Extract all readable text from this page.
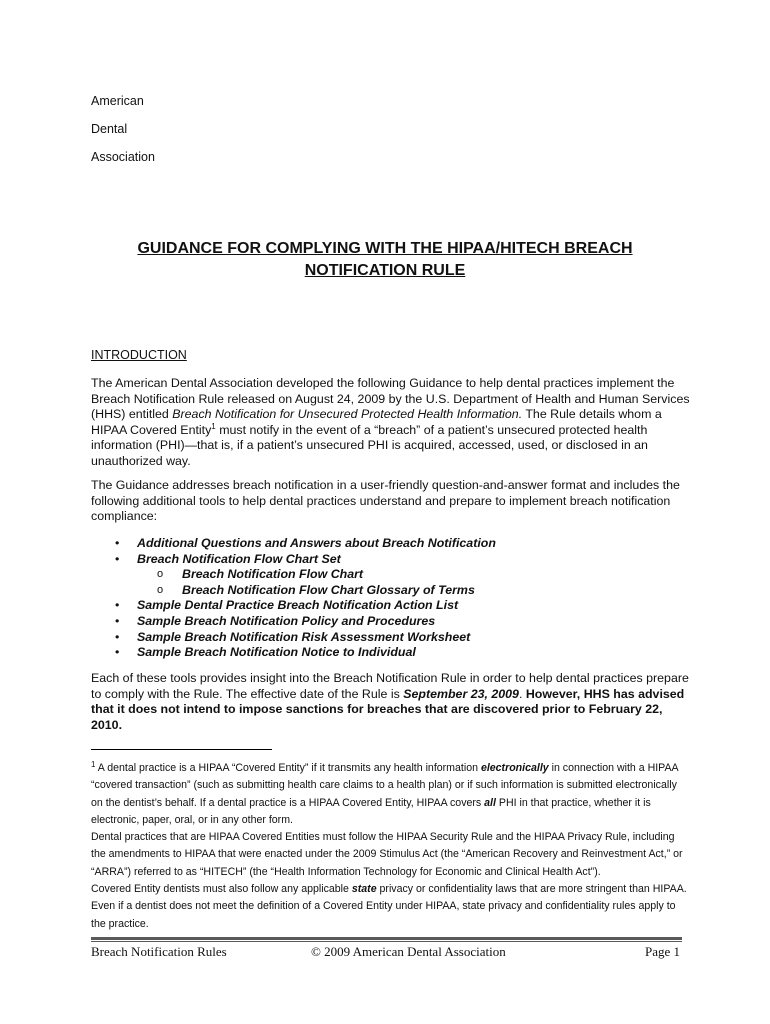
American
Dental
Association
GUIDANCE FOR COMPLYING WITH THE HIPAA/HITECH BREACH
NOTIFICATION RULE
INTRODUCTION

The American Dental Association developed the following Guidance to help dental practices implement the Breach Notification Rule released on August 24, 2009 by the U.S. Department of Health and Human Services (HHS) entitled Breach Notification for Unsecured Protected Health Information. The Rule details whom a HIPAA Covered Entity$^1$ must notify in the event of a “breach” of a patient’s unsecured protected health information (PHI)—that is, if a patient’s unsecured PHI is acquired, accessed, used, or disclosed in an unauthorized way.

The Guidance addresses breach notification in a user-friendly question-and-answer format and includes the following additional tools to help dental practices understand and prepare to implement breach notification compliance:

• Additional Questions and Answers about Breach Notification
• Breach Notification Flow Chart Set
o Breach Notification Flow Chart
o Breach Notification Flow Chart Glossary of Terms
• Sample Dental Practice Breach Notification Action List
• Sample Breach Notification Policy and Procedures
• Sample Breach Notification Risk Assessment Worksheet
• Sample Breach Notification Notice to Individual

Each of these tools provides insight into the Breach Notification Rule in order to help dental practices prepare to comply with the Rule. The effective date of the Rule is September 23, 2009. However, HHS has advised that it does not intend to impose sanctions for breaches that are discovered prior to February 22, 2010.

$^1$ A dental practice is a HIPAA “Covered Entity” if it transmits any health information electronically in connection with a HIPAA “covered transaction” (such as submitting health care claims to a health plan) or if such information is submitted electronically on the dentist’s behalf. If a dental practice is a HIPAA Covered Entity, HIPAA covers all PHI in that practice, whether it is electronic, paper, oral, or in any other form.

Dental practices that are HIPAA Covered Entities must follow the HIPAA Security Rule and the HIPAA Privacy Rule, including the amendments to HIPAA that were enacted under the 2009 Stimulus Act (the “American Recovery and Reinvestment Act,” or “ARRA”) referred to as “HITECH” (the “Health Information Technology for Economic and Clinical Health Act”).

Covered Entity dentists must also follow any applicable state privacy or confidentiality laws that are more stringent than HIPAA. Even if a dentist does not meet the definition of a Covered Entity under HIPAA, state privacy and confidentiality rules apply to the practice.

Breach Notification Rules	© 2009 American Dental Association	Page 1
